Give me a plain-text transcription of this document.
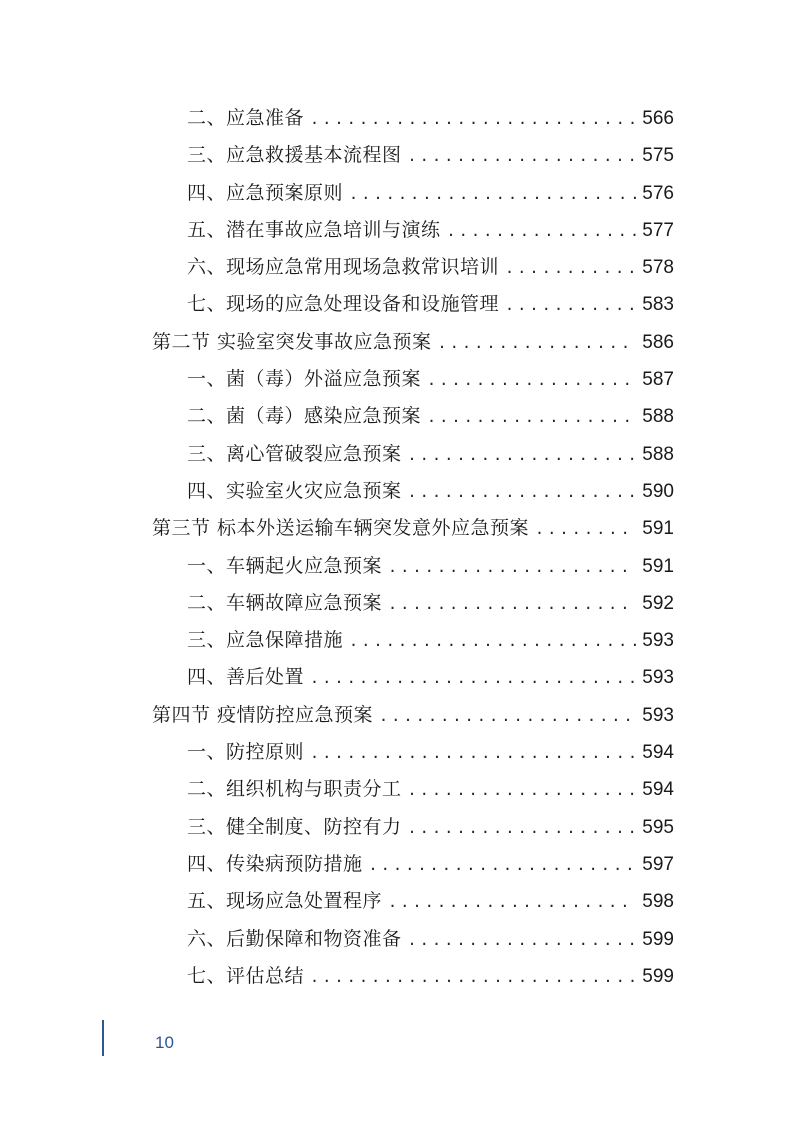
二、应急准备 .....	566
三、应急救援基本流程图 .....	575
四、应急预案原则 .....	576
五、潜在事故应急培训与演练 .....	577
六、现场应急常用现场急救常识培训 .....	578
七、现场的应急处理设备和设施管理 .....	583
第二节 实验室突发事故应急预案 .....	586
一、菌（毒）外溢应急预案 .....	587
二、菌（毒）感染应急预案 .....	588
三、离心管破裂应急预案 .....	588
四、实验室火灾应急预案 .....	590
第三节 标本外送运输车辆突发意外应急预案 .....	591
一、车辆起火应急预案 .....	591
二、车辆故障应急预案 .....	592
三、应急保障措施 .....	593
四、善后处置 .....	593
第四节 疫情防控应急预案 .....	593
一、防控原则 .....	594
二、组织机构与职责分工 .....	594
三、健全制度、防控有力 .....	595
四、传染病预防措施 .....	597
五、现场应急处置程序 .....	598
六、后勤保障和物资准备 .....	599
七、评估总结 .....	599
10
